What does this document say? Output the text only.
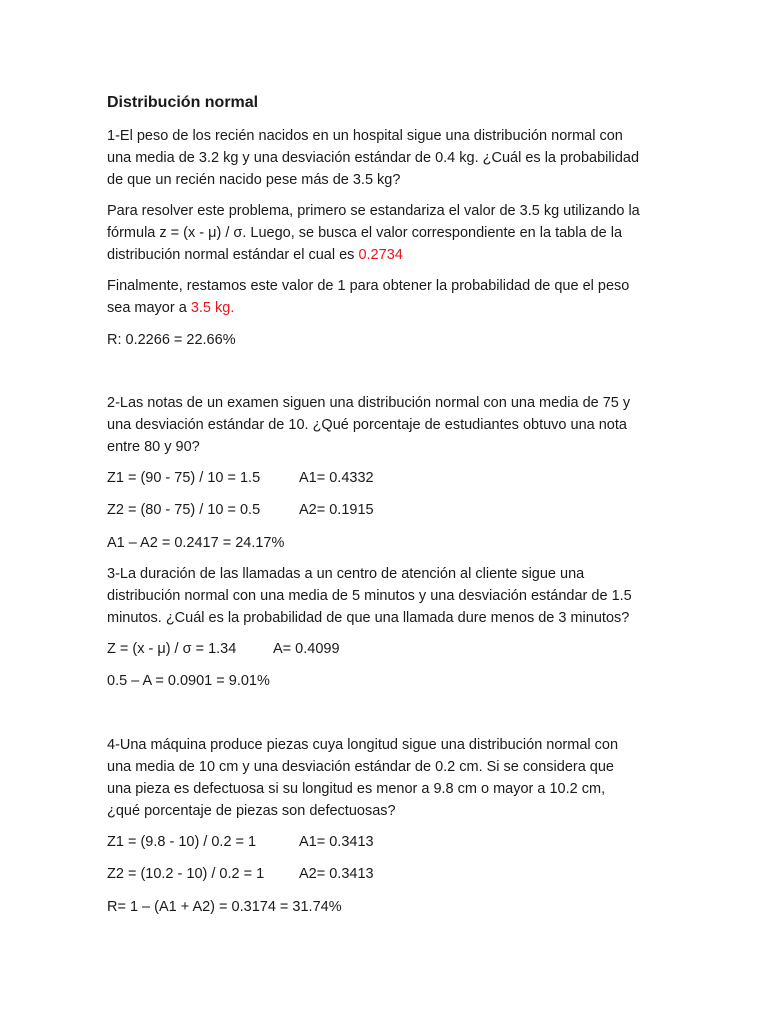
Distribución normal
1-El peso de los recién nacidos en un hospital sigue una distribución normal con
una media de 3.2 kg y una desviación estándar de 0.4 kg. ¿Cuál es la probabilidad
de que un recién nacido pese más de 3.5 kg?
Para resolver este problema, primero se estandariza el valor de 3.5 kg utilizando la
fórmula z = (x - μ) / σ. Luego, se busca el valor correspondiente en la tabla de la
distribución normal estándar el cual es 0.2734
Finalmente, restamos este valor de 1 para obtener la probabilidad de que el peso
sea mayor a 3.5 kg.
R: 0.2266 = 22.66%
2-Las notas de un examen siguen una distribución normal con una media de 75 y
una desviación estándar de 10. ¿Qué porcentaje de estudiantes obtuvo una nota
entre 80 y 90?
Z1 = (90 - 75) / 10 = 1.5	A1= 0.4332
Z2 = (80 - 75) / 10 = 0.5	A2= 0.1915
A1 – A2 = 0.2417 = 24.17%
3-La duración de las llamadas a un centro de atención al cliente sigue una
distribución normal con una media de 5 minutos y una desviación estándar de 1.5
minutos. ¿Cuál es la probabilidad de que una llamada dure menos de 3 minutos?
Z = (x - μ) / σ = 1.34	A= 0.4099
0.5 – A = 0.0901 = 9.01%
4-Una máquina produce piezas cuya longitud sigue una distribución normal con
una media de 10 cm y una desviación estándar de 0.2 cm. Si se considera que
una pieza es defectuosa si su longitud es menor a 9.8 cm o mayor a 10.2 cm,
¿qué porcentaje de piezas son defectuosas?
Z1 = (9.8 - 10) / 0.2 = 1	A1= 0.3413
Z2 = (10.2 - 10) / 0.2 = 1 A2= 0.3413
R= 1 – (A1 + A2) = 0.3174 = 31.74%
